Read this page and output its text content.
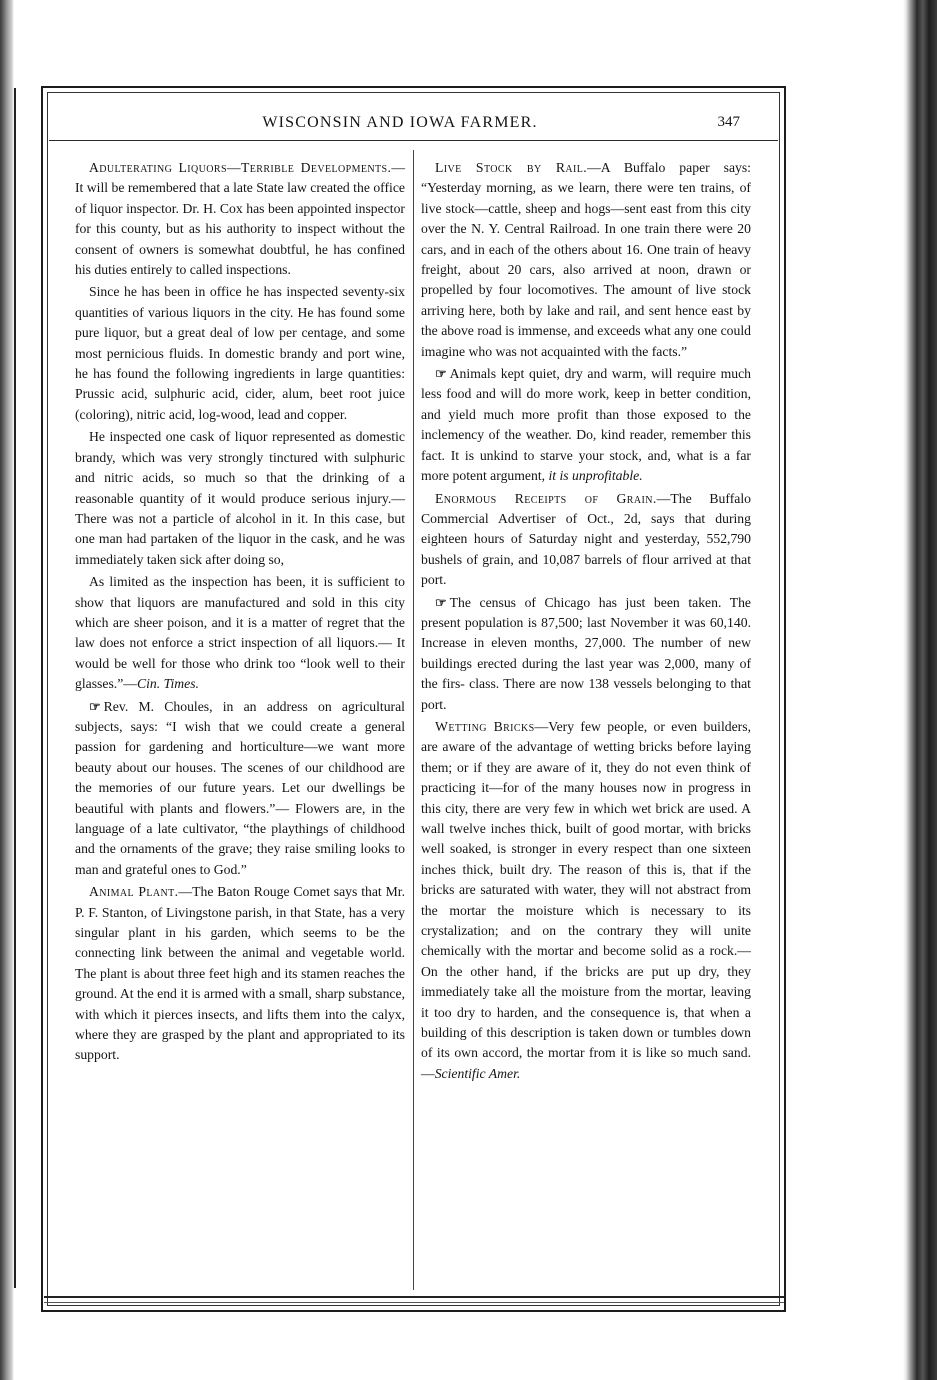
WISCONSIN AND IOWA FARMER.	347

Adulterating Liquors—Terrible Developments.—It will be remembered that a late State law created the office of liquor inspector. Dr. H. Cox has been appointed inspector for this county, but as his authority to inspect without the consent of owners is somewhat doubtful, he has confined his duties entirely to called inspections.

Since he has been in office he has inspected seventy-six quantities of various liquors in the city. He has found some pure liquor, but a great deal of low per centage, and some most pernicious fluids. In domestic brandy and port wine, he has found the following ingredients in large quantities: Prussic acid, sulphuric acid, cider, alum, beet root juice (coloring), nitric acid, log-wood, lead and copper.

He inspected one cask of liquor represented as domestic brandy, which was very strongly tinctured with sulphuric and nitric acids, so much so that the drinking of a reasonable quantity of it would produce serious injury.— There was not a particle of alcohol in it. In this case, but one man had partaken of the liquor in the cask, and he was immediately taken sick after doing so,

As limited as the inspection has been, it is sufficient to show that liquors are manufactured and sold in this city which are sheer poison, and it is a matter of regret that the law does not enforce a strict inspection of all liquors.— It would be well for those who drink too “look well to their glasses.”—Cin. Times.

☞ Rev. M. Choules, in an address on agricultural subjects, says: “I wish that we could create a general passion for gardening and horticulture—we want more beauty about our houses. The scenes of our childhood are the memories of our future years. Let our dwellings be beautiful with plants and flowers.”— Flowers are, in the language of a late cultivator, “the playthings of childhood and the ornaments of the grave; they raise smiling looks to man and grateful ones to God.”

Animal Plant.—The Baton Rouge Comet says that Mr. P. F. Stanton, of Livingstone parish, in that State, has a very singular plant in his garden, which seems to be the connecting link between the animal and vegetable world. The plant is about three feet high and its stamen reaches the ground. At the end it is armed with a small, sharp substance, with which it pierces insects, and lifts them into the calyx, where they are grasped by the plant and appropriated to its support.

Live Stock by Rail.—A Buffalo paper says: “Yesterday morning, as we learn, there were ten trains, of live stock—cattle, sheep and hogs—sent east from this city over the N. Y. Central Railroad. In one train there were 20 cars, and in each of the others about 16. One train of heavy freight, about 20 cars, also arrived at noon, drawn or propelled by four locomotives. The amount of live stock arriving here, both by lake and rail, and sent hence east by the above road is immense, and exceeds what any one could imagine who was not acquainted with the facts.”

☞ Animals kept quiet, dry and warm, will require much less food and will do more work, keep in better condition, and yield much more profit than those exposed to the inclemency of the weather. Do, kind reader, remember this fact. It is unkind to starve your stock, and, what is a far more potent argument, it is unprofitable.

Enormous Receipts of Grain.—The Buffalo Commercial Advertiser of Oct., 2d, says that during eighteen hours of Saturday night and yesterday, 552,790 bushels of grain, and 10,087 barrels of flour arrived at that port.

☞ The census of Chicago has just been taken. The present population is 87,500; last November it was 60,140. Increase in eleven months, 27,000. The number of new buildings erected during the last year was 2,000, many of the firs- class. There are now 138 vessels belonging to that port.

Wetting Bricks—Very few people, or even builders, are aware of the advantage of wetting bricks before laying them; or if they are aware of it, they do not even think of practicing it—for of the many houses now in progress in this city, there are very few in which wet brick are used. A wall twelve inches thick, built of good mortar, with bricks well soaked, is stronger in every respect than one sixteen inches thick, built dry. The reason of this is, that if the bricks are saturated with water, they will not abstract from the mortar the moisture which is necessary to its crystalization; and on the contrary they will unite chemically with the mortar and become solid as a rock.— On the other hand, if the bricks are put up dry, they immediately take all the moisture from the mortar, leaving it too dry to harden, and the consequence is, that when a building of this description is taken down or tumbles down of its own accord, the mortar from it is like so much sand.—Scientific Amer.
